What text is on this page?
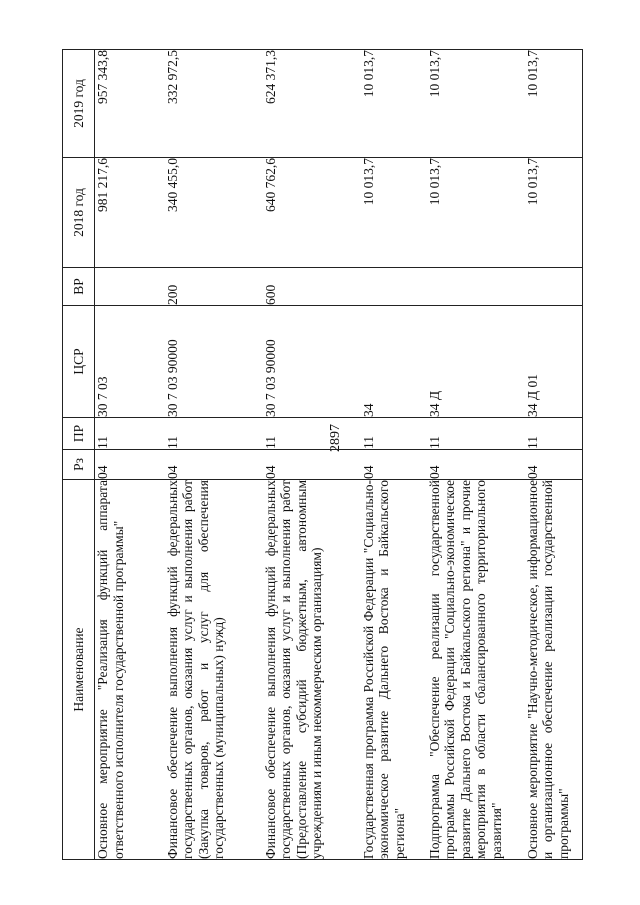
2897
Наименование	Рз	ПР	ЦСР	ВР	2018 год	2019 год
Основное мероприятие "Реализация функций аппарата ответственного исполнителя государственной программы"	04	11	30 7 03		981 217,6	957 343,8
Финансовое обеспечение выполнения функций федеральных государственных органов, оказания услуг и выполнения работ (Закупка товаров, работ и услуг для обеспечения государственных (муниципальных) нужд)	04	11	30 7 03 90000	200	340 455,0	332 972,5
Финансовое обеспечение выполнения функций федеральных государственных органов, оказания услуг и выполнения работ (Предоставление субсидий бюджетным, автономным учреждениям и иным некоммерческим организациям)	04	11	30 7 03 90000	600	640 762,6	624 371,3
Государственная программа Российской Федерации "Социально-экономическое развитие Дальнего Востока и Байкальского региона"	04	11	34		10 013,7	10 013,7
Подпрограмма "Обеспечение реализации государственной программы Российской Федерации "Социально-экономическое развитие Дальнего Востока и Байкальского региона" и прочие мероприятия в области сбалансированного территориального развития"	04	11	34 Д		10 013,7	10 013,7
Основное мероприятие "Научно-методическое, информационное и организационное обеспечение реализации государственной программы"	04	11	34 Д 01		10 013,7	10 013,7
